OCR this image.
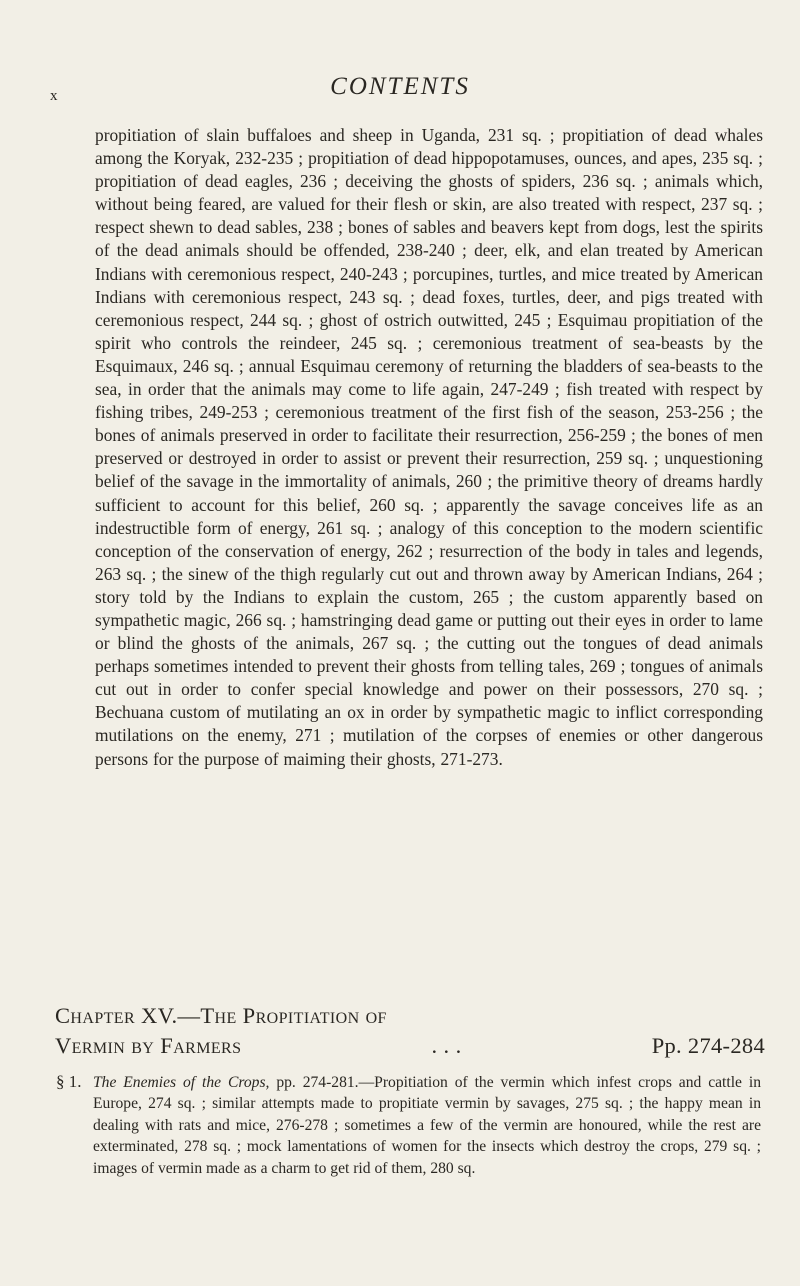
x	CONTENTS
propitiation of slain buffaloes and sheep in Uganda, 231 sq. ; propitiation of dead whales among the Koryak, 232-235 ; propitiation of dead hippopotamuses, ounces, and apes, 235 sq. ; propitiation of dead eagles, 236 ; deceiving the ghosts of spiders, 236 sq. ; animals which, without being feared, are valued for their flesh or skin, are also treated with respect, 237 sq. ; respect shewn to dead sables, 238 ; bones of sables and beavers kept from dogs, lest the spirits of the dead animals should be offended, 238-240 ; deer, elk, and elan treated by American Indians with ceremonious respect, 240-243 ; porcupines, turtles, and mice treated by American Indians with ceremonious respect, 243 sq. ; dead foxes, turtles, deer, and pigs treated with ceremonious respect, 244 sq. ; ghost of ostrich outwitted, 245 ; Esquimau propitiation of the spirit who controls the reindeer, 245 sq. ; ceremonious treatment of sea-beasts by the Esquimaux, 246 sq. ; annual Esquimau ceremony of returning the bladders of sea-beasts to the sea, in order that the animals may come to life again, 247-249 ; fish treated with respect by fishing tribes, 249-253 ; ceremonious treatment of the first fish of the season, 253-256 ; the bones of animals preserved in order to facilitate their resurrection, 256-259 ; the bones of men preserved or destroyed in order to assist or prevent their resurrection, 259 sq. ; unquestioning belief of the savage in the immortality of animals, 260 ; the primitive theory of dreams hardly sufficient to account for this belief, 260 sq. ; apparently the savage conceives life as an indestructible form of energy, 261 sq. ; analogy of this conception to the modern scientific conception of the conservation of energy, 262 ; resurrection of the body in tales and legends, 263 sq. ; the sinew of the thigh regularly cut out and thrown away by American Indians, 264 ; story told by the Indians to explain the custom, 265 ; the custom apparently based on sympathetic magic, 266 sq. ; hamstringing dead game or putting out their eyes in order to lame or blind the ghosts of the animals, 267 sq. ; the cutting out the tongues of dead animals perhaps sometimes intended to prevent their ghosts from telling tales, 269 ; tongues of animals cut out in order to confer special knowledge and power on their possessors, 270 sq. ; Bechuana custom of mutilating an ox in order by sympathetic magic to inflict corresponding mutilations on the enemy, 271 ; mutilation of the corpses of enemies or other dangerous persons for the purpose of maiming their ghosts, 271-273.
Chapter XV.—The Propitiation of
Vermin by Farmers	. . .	Pp. 274-284
§ 1. The Enemies of the Crops, pp. 274-281.—Propitiation of the vermin which infest crops and cattle in Europe, 274 sq. ; similar attempts made to propitiate vermin by savages, 275 sq. ; the happy mean in dealing with rats and mice, 276-278 ; sometimes a few of the vermin are honoured, while the rest are exterminated, 278 sq. ; mock lamentations of women for the insects which destroy the crops, 279 sq. ; images of vermin made as a charm to get rid of them, 280 sq.
